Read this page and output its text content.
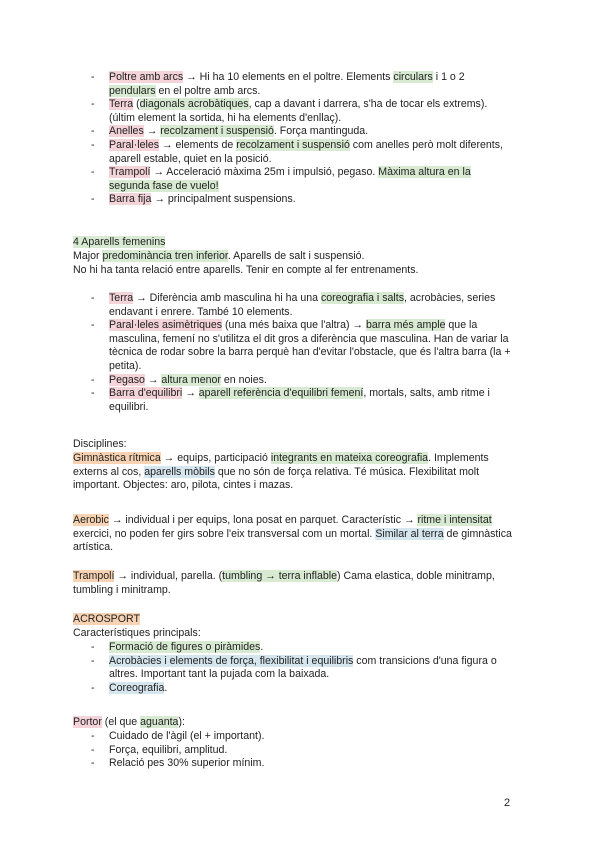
- Poltre amb arcs → Hi ha 10 elements en el poltre. Elements circulars i 1 o 2 pendulars en el poltre amb arcs.
- Terra (diagonals acrobàtiques, cap a davant i darrera, s'ha de tocar els extrems). (últim element la sortida, hi ha elements d'enllaç).
- Anelles → recolzament i suspensió. Força mantinguda.
- Paral·leles → elements de recolzament i suspensió com anelles però molt diferents, aparell estable, quiet en la posició.
- Trampolí → Acceleració màxima 25m i impulsió, pegaso. Màxima altura en la segunda fase de vuelo!
- Barra fija → principalment suspensions.
4 Aparells femenins
Major predominància tren inferior. Aparells de salt i suspensió.
No hi ha tanta relació entre aparells. Tenir en compte al fer entrenaments.
- Terra → Diferència amb masculina hi ha una coreografia i salts, acrobàcies, series endavant i enrere. També 10 elements.
- Paral·leles asimètriques (una més baixa que l'altra) → barra més ample que la masculina, femení no s'utilitza el dit gros a diferència que masculina. Han de variar la tècnica de rodar sobre la barra perquè han d'evitar l'obstacle, que és l'altra barra (la + petita).
- Pegaso → altura menor en noies.
- Barra d'equilibri → aparell referència d'equilibri femení, mortals, salts, amb ritme i equilibri.
Disciplines:
Gimnàstica rítmica → equips, participació integrants en mateixa coreografia. Implements externs al cos, aparells mòbils que no són de força relativa. Té música. Flexibilitat molt important. Objectes: aro, pilota, cintes i mazas.
Aerobic → individual i per equips, lona posat en parquet. Característic → ritme i intensitat exercici, no poden fer girs sobre l'eix transversal com un mortal. Similar al terra de gimnàstica artística.
Trampolí → individual, parella. (tumbling → terra inflable) Cama elastica, doble minitramp, tumbling i minitramp.
ACROSPORT
Característiques principals:
- Formació de figures o piràmides.
- Acrobàcies i elements de força, flexibilitat i equilibris com transicions d'una figura o altres. Important tant la pujada com la baixada.
- Coreografia.
Portor (el que aguanta):
- Cuidado de l'àgil (el + important).
- Força, equilibri, amplitud.
- Relació pes 30% superior mínim.
2
